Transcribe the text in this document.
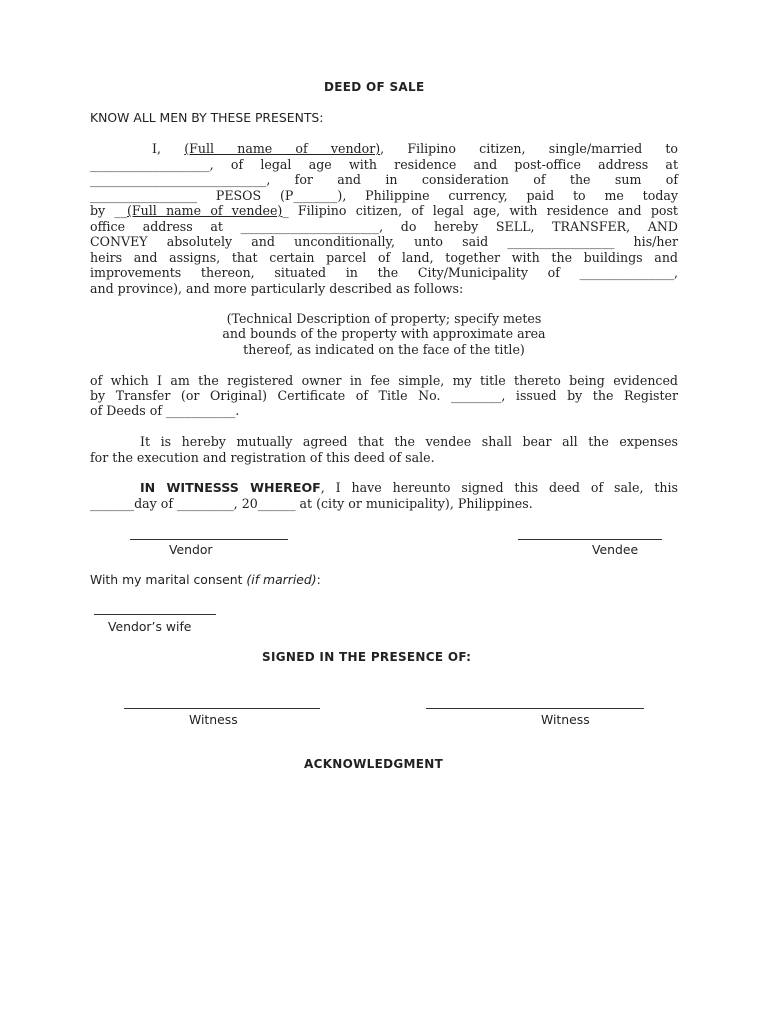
DEED OF SALE
KNOW ALL MEN BY THESE PRESENTS:
I, (Full name of vendor), Filipino citizen, single/married to
___________________, of legal age with residence and post-office address at
____________________________, for and in consideration of the sum of
_________________ PESOS (P_______), Philippine currency, paid to me today
by __(Full name of vendee)_ Filipino citizen, of legal age, with residence and post
office address at ______________________, do hereby SELL, TRANSFER, AND
CONVEY absolutely and unconditionally, unto said _________________ his/her
heirs and assigns, that certain parcel of land, together with the buildings and
improvements thereon, situated in the City/Municipality of _______________,
and province), and more particularly described as follows:
(Technical Description of property; specify metes
and bounds of the property with approximate area
thereof, as indicated on the face of the title)
of which I am the registered owner in fee simple, my title thereto being evidenced
by Transfer (or Original) Certificate of Title No. ________, issued by the Register
of Deeds of ___________.
It is hereby mutually agreed that the vendee shall bear all the expenses
for the execution and registration of this deed of sale.
IN WITNESSS WHEREOF, I have hereunto signed this deed of sale, this
_______day of _________, 20______ at (city or municipality), Philippines.
Vendor	Vendee
With my marital consent (if married):
Vendor’s wife
SIGNED IN THE PRESENCE OF:
Witness	Witness
ACKNOWLEDGMENT
